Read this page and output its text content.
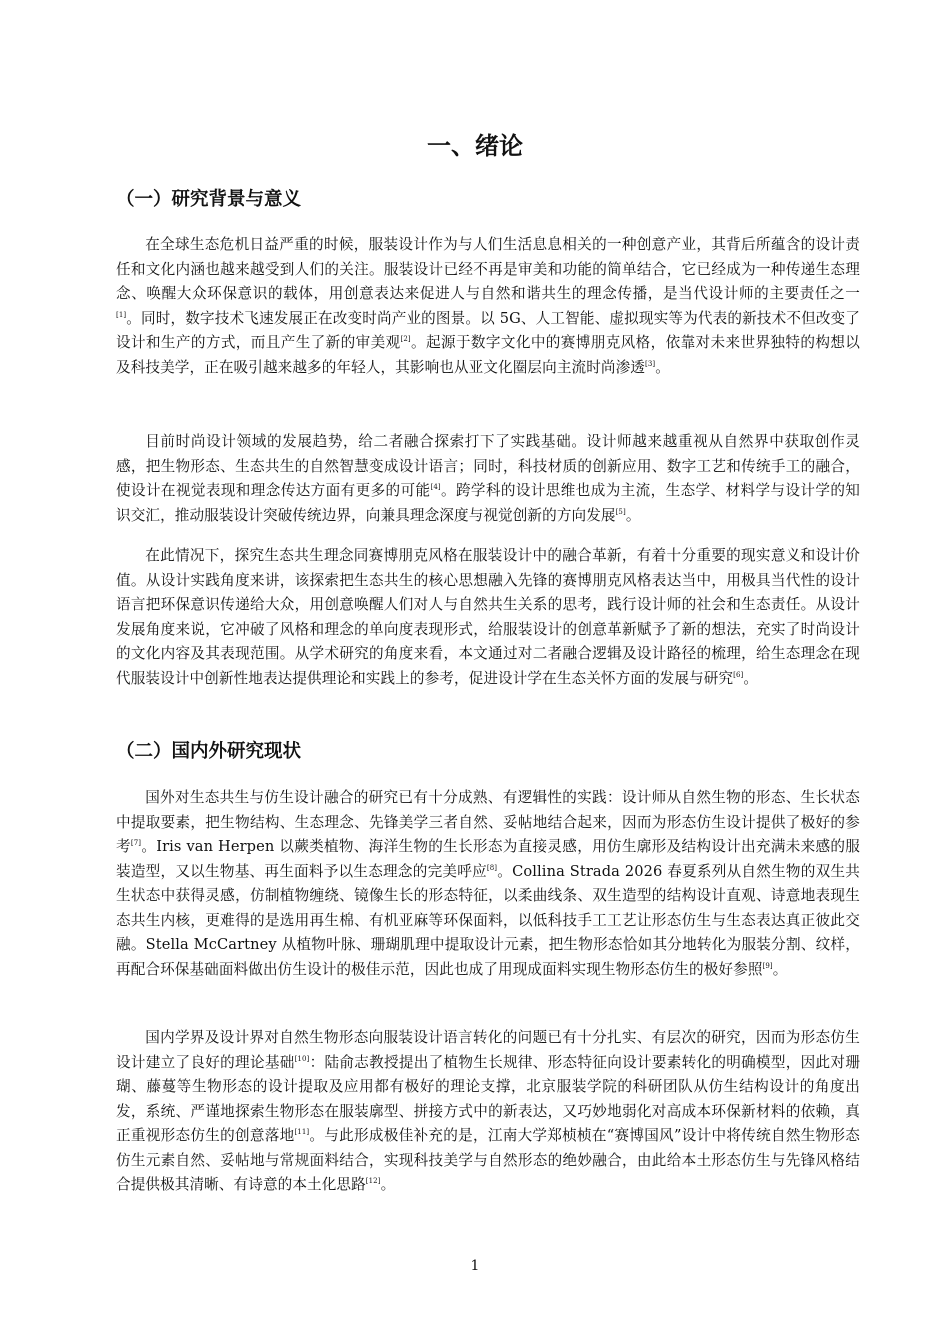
一、绪论
（一）研究背景与意义

在全球生态危机日益严重的时候，服装设计作为与人们生活息息相关的一种创意产业，其背后所蕴含的设计责任和文化内涵也越来越受到人们的关注。服装设计已经不再是审美和功能的简单结合，它已经成为一种传递生态理念、唤醒大众环保意识的载体，用创意表达来促进人与自然和谐共生的理念传播，是当代设计师的主要责任之一[1]。同时，数字技术飞速发展正在改变时尚产业的图景。以 5G、人工智能、虚拟现实等为代表的新技术不但改变了设计和生产的方式，而且产生了新的审美观[2]。起源于数字文化中的赛博朋克风格，依靠对未来世界独特的构想以及科技美学，正在吸引越来越多的年轻人，其影响也从亚文化圈层向主流时尚渗透[3]。

目前时尚设计领域的发展趋势，给二者融合探索打下了实践基础。设计师越来越重视从自然界中获取创作灵感，把生物形态、生态共生的自然智慧变成设计语言；同时，科技材质的创新应用、数字工艺和传统手工的融合，使设计在视觉表现和理念传达方面有更多的可能[4]。跨学科的设计思维也成为主流，生态学、材料学与设计学的知识交汇，推动服装设计突破传统边界，向兼具理念深度与视觉创新的方向发展[5]。

在此情况下，探究生态共生理念同赛博朋克风格在服装设计中的融合革新，有着十分重要的现实意义和设计价值。从设计实践角度来讲，该探索把生态共生的核心思想融入先锋的赛博朋克风格表达当中，用极具当代性的设计语言把环保意识传递给大众，用创意唤醒人们对人与自然共生关系的思考，践行设计师的社会和生态责任。从设计发展角度来说，它冲破了风格和理念的单向度表现形式，给服装设计的创意革新赋予了新的想法，充实了时尚设计的文化内容及其表现范围。从学术研究的角度来看，本文通过对二者融合逻辑及设计路径的梳理，给生态理念在现代服装设计中创新性地表达提供理论和实践上的参考，促进设计学在生态关怀方面的发展与研究[6]。

（二）国内外研究现状

国外对生态共生与仿生设计融合的研究已有十分成熟、有逻辑性的实践：设计师从自然生物的形态、生长状态中提取要素，把生物结构、生态理念、先锋美学三者自然、妥帖地结合起来，因而为形态仿生设计提供了极好的参考[7]。Iris van Herpen 以蕨类植物、海洋生物的生长形态为直接灵感，用仿生廓形及结构设计出充满未来感的服装造型，又以生物基、再生面料予以生态理念的完美呼应[8]。Collina Strada 2026 春夏系列从自然生物的双生共生状态中获得灵感，仿制植物缠绕、镜像生长的形态特征，以柔曲线条、双生造型的结构设计直观、诗意地表现生态共生内核，更难得的是选用再生棉、有机亚麻等环保面料，以低科技手工工艺让形态仿生与生态表达真正彼此交融。Stella McCartney 从植物叶脉、珊瑚肌理中提取设计元素，把生物形态恰如其分地转化为服装分割、纹样，再配合环保基础面料做出仿生设计的极佳示范，因此也成了用现成面料实现生物形态仿生的极好参照[9]。

国内学界及设计界对自然生物形态向服装设计语言转化的问题已有十分扎实、有层次的研究，因而为形态仿生设计建立了良好的理论基础[10]：陆俞志教授提出了植物生长规律、形态特征向设计要素转化的明确模型，因此对珊瑚、藤蔓等生物形态的设计提取及应用都有极好的理论支撑，北京服装学院的科研团队从仿生结构设计的角度出发，系统、严谨地探索生物形态在服装廓型、拼接方式中的新表达，又巧妙地弱化对高成本环保新材料的依赖，真正重视形态仿生的创意落地[11]。与此形成极佳补充的是，江南大学郑桢桢在“赛博国风”设计中将传统自然生物形态仿生元素自然、妥帖地与常规面料结合，实现科技美学与自然形态的绝妙融合，由此给本土形态仿生与先锋风格结合提供极其清晰、有诗意的本土化思路[12]。

1
